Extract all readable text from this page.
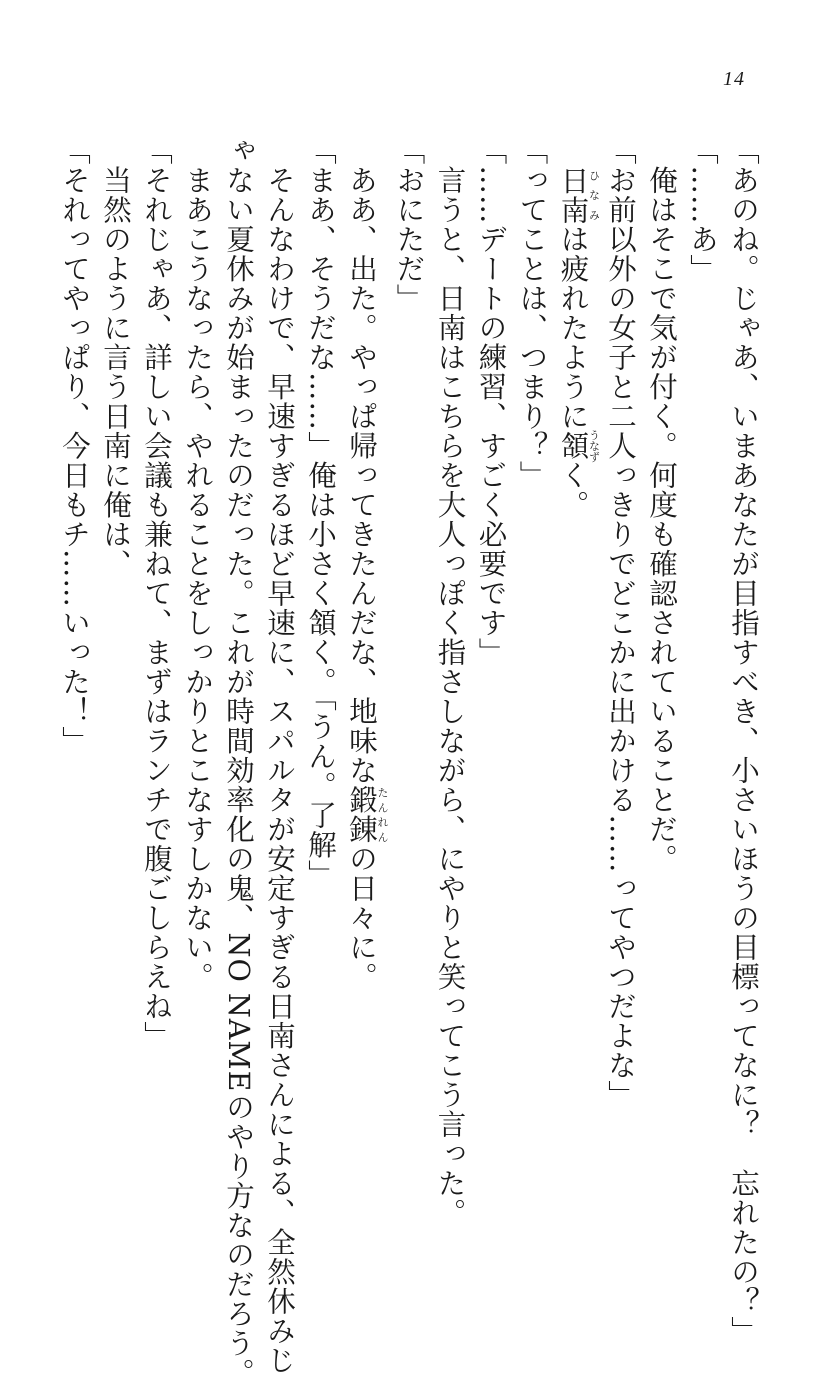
14
「あのね。じゃあ、いまあなたが目指すべき、小さいほうの目標ってなに？　忘れたの？」
「……あ」
　俺はそこで気が付く。何度も確認されていることだ。
「お前以外の女子と二人っきりでどこかに出かける……ってやつだよな」
　日南ひなみは疲れたように頷うなずく。
「ってことは、つまり？」
「……デートの練習、すごく必要です」
　言うと、日南はこちらを大人っぽく指さしながら、にやりと笑ってこう言った。
「おにただ」
　ああ、出た。やっぱ帰ってきたんだな、地味な鍛錬たんれんの日々に。
「まあ、そうだな……」俺は小さく頷く。「うん。了解」
　そんなわけで、早速すぎるほど早速に、スパルタが安定すぎる日南さんによる、全然休みじ
ゃない夏休みが始まったのだった。これが時間効率化の鬼、NO NAMEのやり方なのだろう。
　まあこうなったら、やれることをしっかりとこなすしかない。
「それじゃあ、詳しい会議も兼ねて、まずはランチで腹ごしらえね」
　当然のように言う日南に俺は、
「それってやっぱり、今日もチ……いった！」
